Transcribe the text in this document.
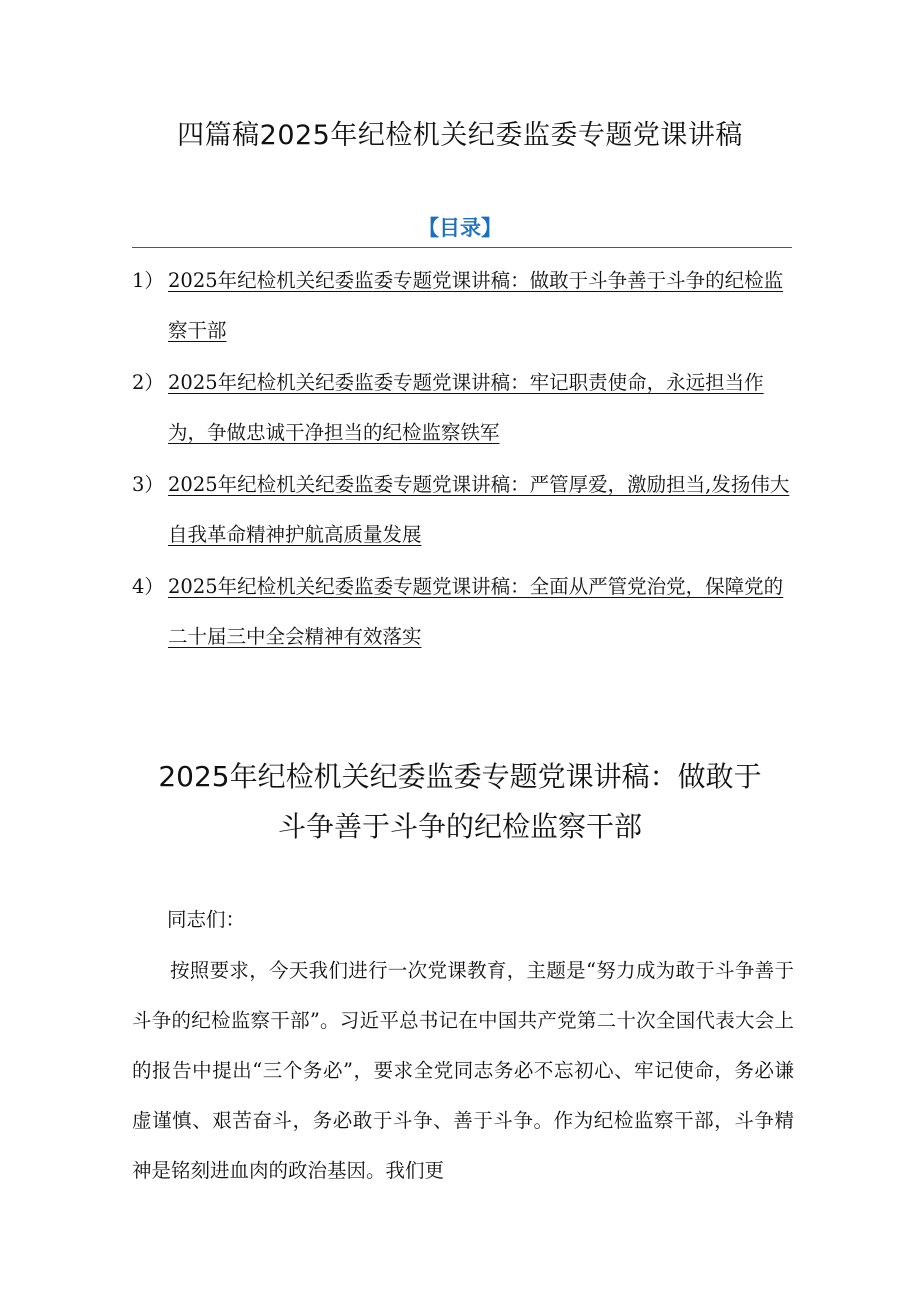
四篇稿2025年纪检机关纪委监委专题党课讲稿
【目录】
1） 2025年纪检机关纪委监委专题党课讲稿：做敢于斗争善于斗争的纪检监察干部
2） 2025年纪检机关纪委监委专题党课讲稿：牢记职责使命，永远担当作为，争做忠诚干净担当的纪检监察铁军
3） 2025年纪检机关纪委监委专题党课讲稿：严管厚爱，激励担当,发扬伟大自我革命精神护航高质量发展
4） 2025年纪检机关纪委监委专题党课讲稿：全面从严管党治党，保障党的二十届三中全会精神有效落实
2025年纪检机关纪委监委专题党课讲稿：做敢于斗争善于斗争的纪检监察干部
同志们：

按照要求，今天我们进行一次党课教育，主题是“努力成为敢于斗争善于斗争的纪检监察干部”。习近平总书记在中国共产党第二十次全国代表大会上的报告中提出“三个务必”，要求全党同志务必不忘初心、牢记使命，务必谦虚谨慎、艰苦奋斗，务必敢于斗争、善于斗争。作为纪检监察干部，斗争精神是铭刻进血肉的政治基因。我们更
